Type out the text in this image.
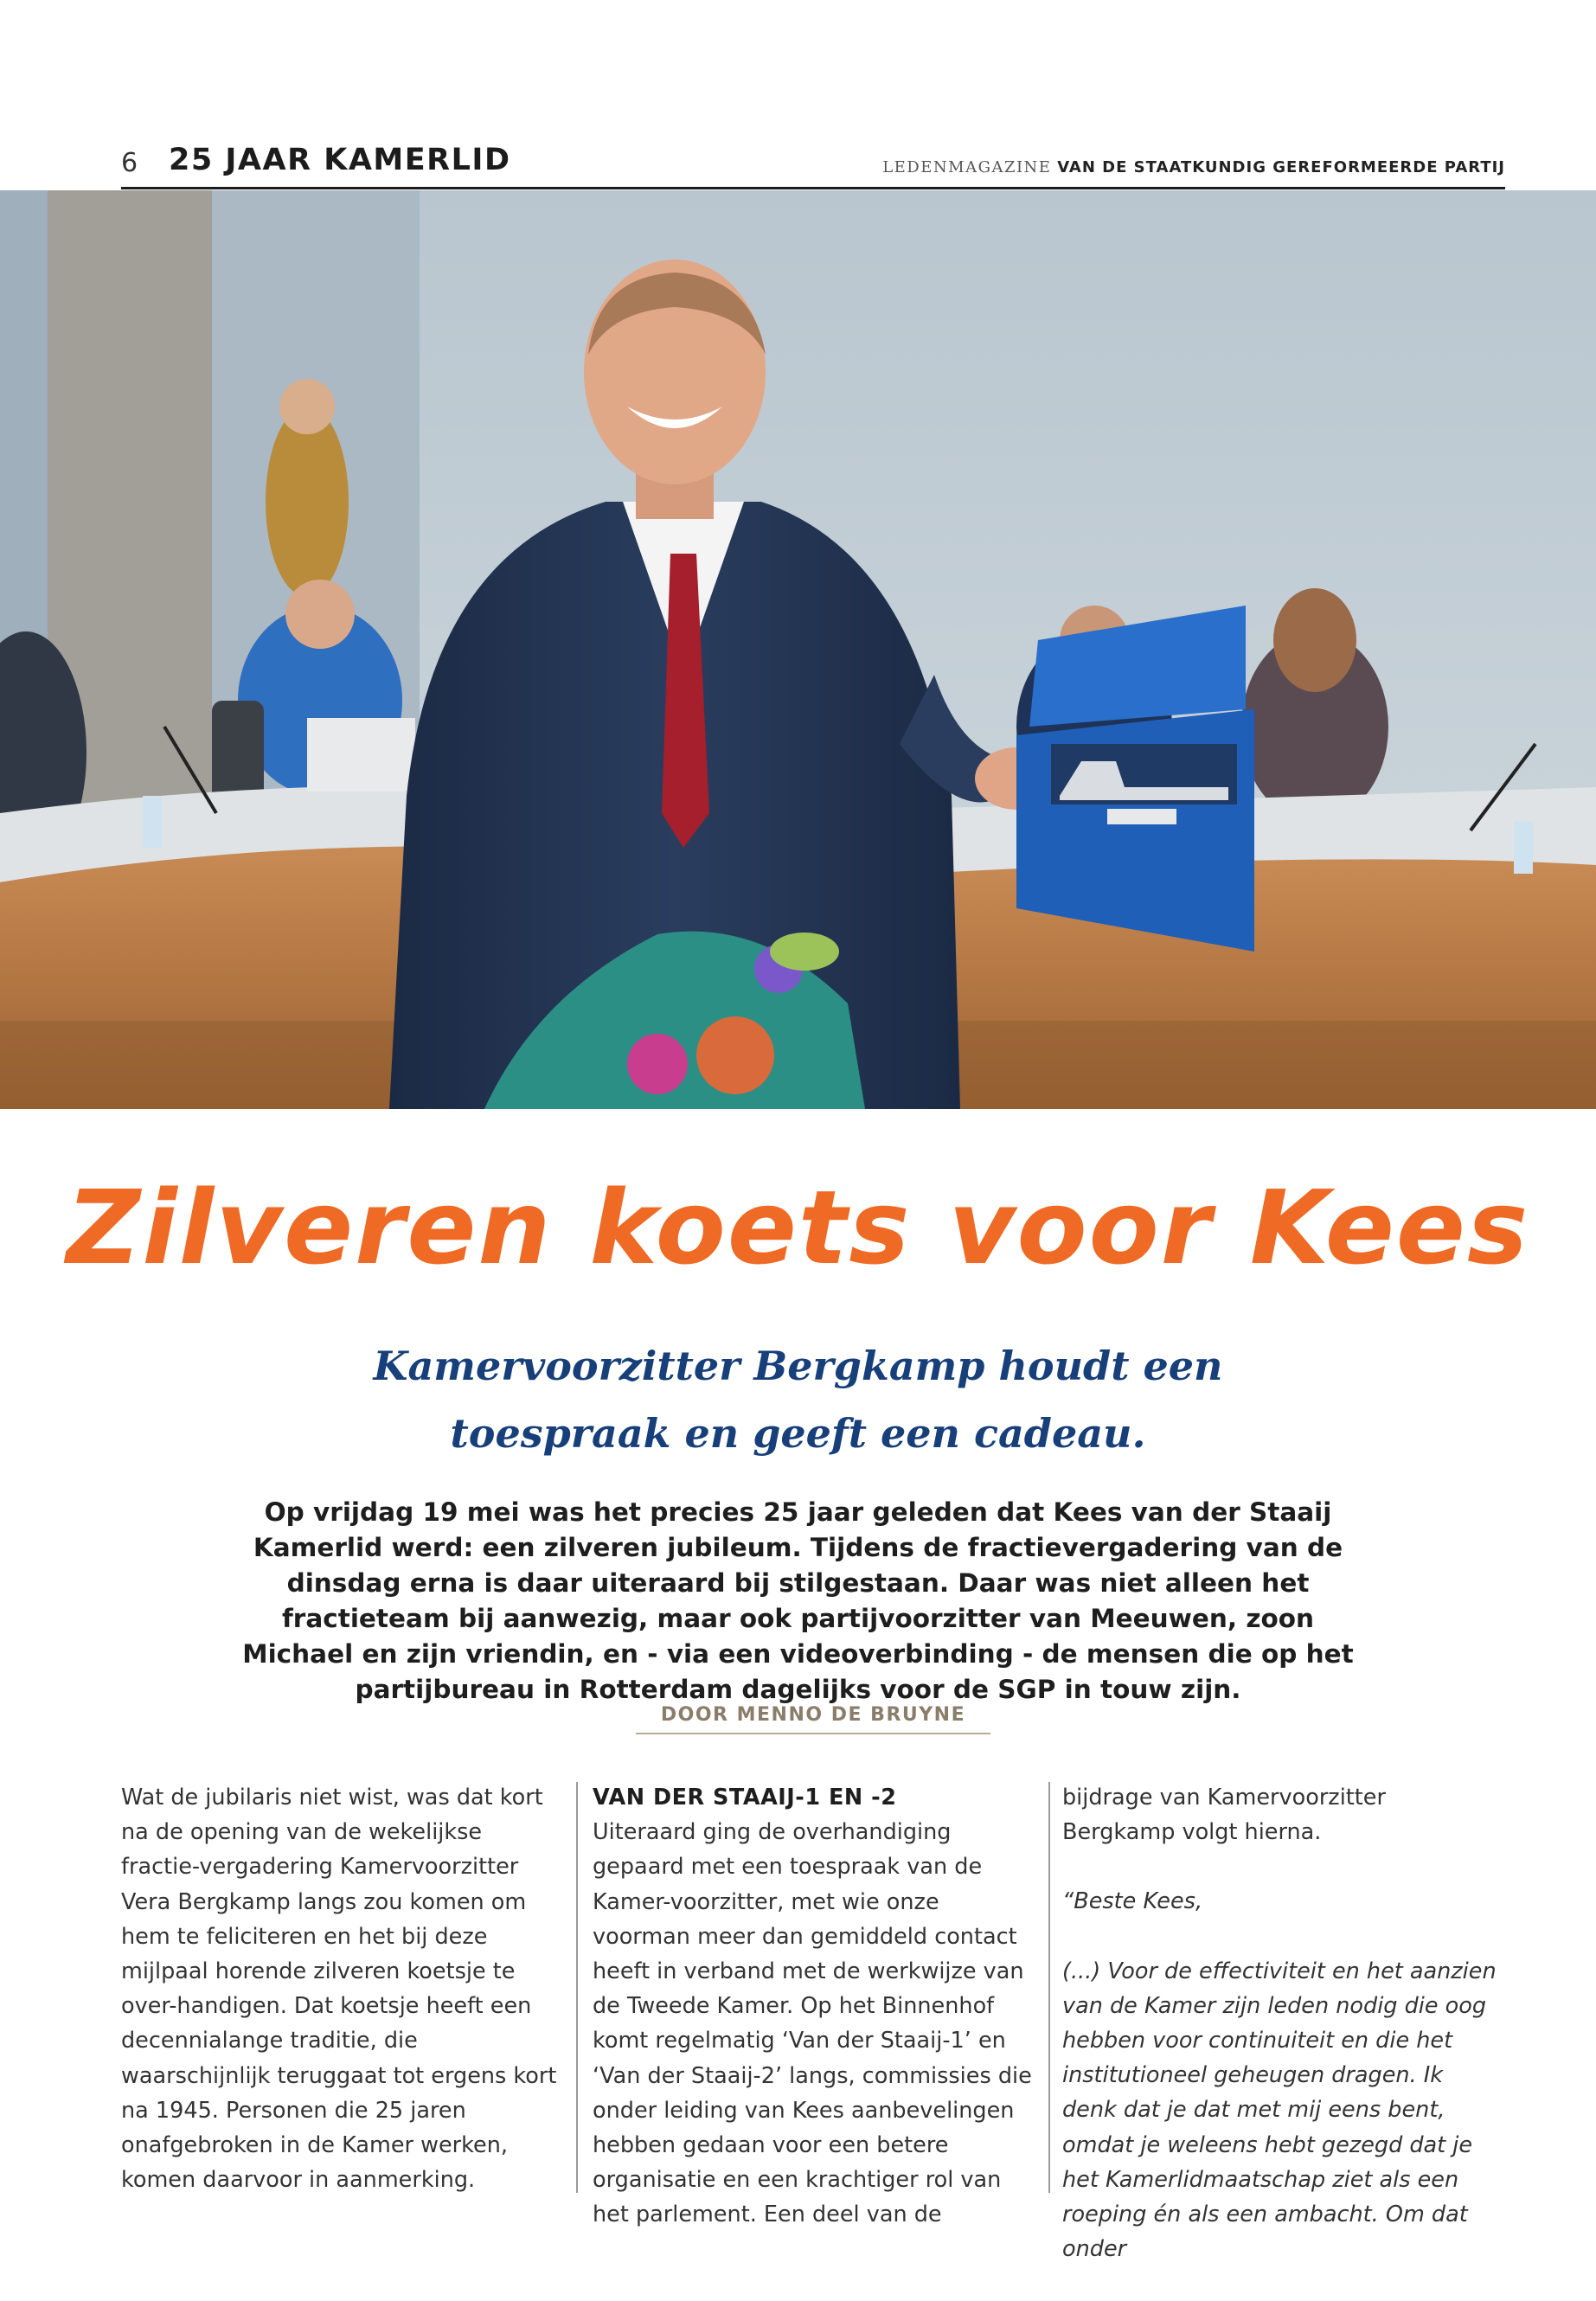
6 25 JAAR KAMERLID	LEDENMAGAZINE VAN DE STAATKUNDIG GEREFORMEERDE PARTIJ
Zilveren koets voor Kees
Kamervoorzitter Bergkamp houdt een toespraak en geeft een cadeau.
Op vrijdag 19 mei was het precies 25 jaar geleden dat Kees van der Staaij Kamerlid werd: een zilveren jubileum. Tijdens de fractievergadering van de dinsdag erna is daar uiteraard bij stilgestaan. Daar was niet alleen het fractieteam bij aanwezig, maar ook partijvoorzitter van Meeuwen, zoon Michael en zijn vriendin, en - via een videoverbinding - de mensen die op het partijbureau in Rotterdam dagelijks voor de SGP in touw zijn.
DOOR MENNO DE BRUYNE

Wat de jubilaris niet wist, was dat kort na de opening van de wekelijkse fractie-vergadering Kamervoorzitter Vera Bergkamp langs zou komen om hem te feliciteren en het bij deze mijlpaal horende zilveren koetsje te over-handigen. Dat koetsje heeft een decennialange traditie, die waarschijnlijk teruggaat tot ergens kort na 1945. Personen die 25 jaren onafgebroken in de Kamer werken, komen daarvoor in aanmerking.

VAN DER STAAIJ-1 EN -2

Uiteraard ging de overhandiging gepaard met een toespraak van de Kamer-voorzitter, met wie onze voorman meer dan gemiddeld contact heeft in verband met de werkwijze van de Tweede Kamer. Op het Binnenhof komt regelmatig ‘Van der Staaij-1’ en ‘Van der Staaij-2’ langs, commissies die onder leiding van Kees aanbevelingen hebben gedaan voor een betere organisatie en een krachtiger rol van het parlement. Een deel van de

bijdrage van Kamervoorzitter Bergkamp volgt hierna.

“Beste Kees,

(...) Voor de effectiviteit en het aanzien van de Kamer zijn leden nodig die oog hebben voor continuiteit en die het institutioneel geheugen dragen. Ik denk dat je dat met mij eens bent, omdat je weleens hebt gezegd dat je het Kamerlidmaatschap ziet als een roeping én als een ambacht. Om dat onder
